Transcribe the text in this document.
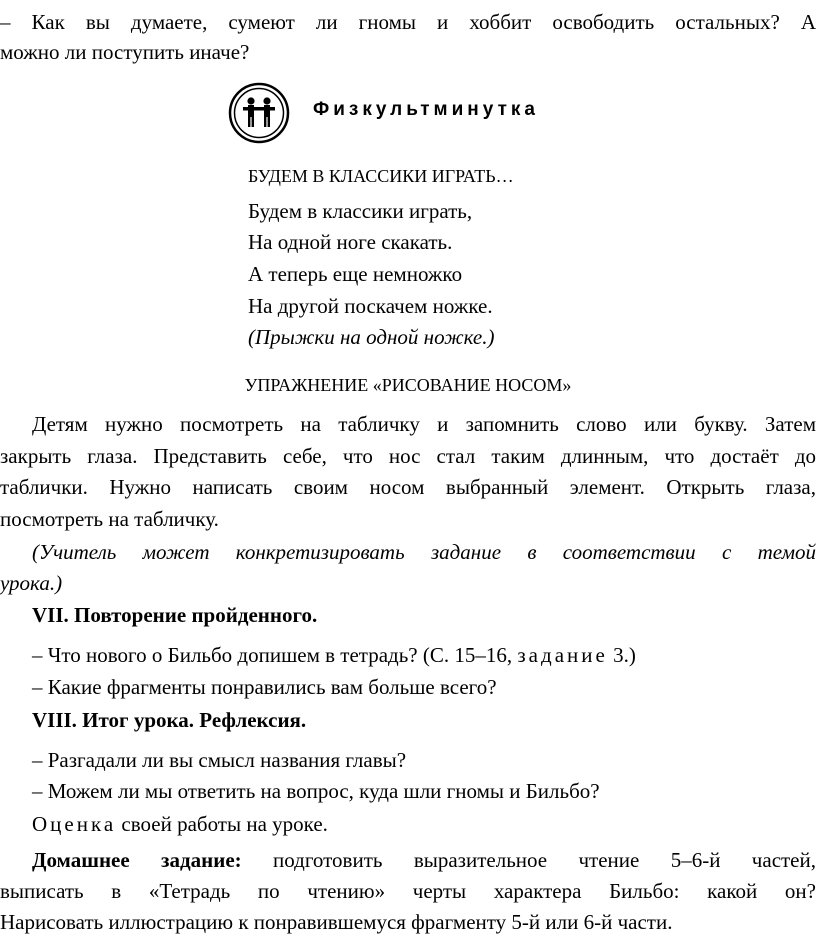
– Как вы думаете, сумеют ли гномы и хоббит освободить остальных? А
можно ли поступить иначе?
Физкультминутка
БУДЕМ В КЛАССИКИ ИГРАТЬ…
Будем в классики играть,
На одной ноге скакать.
А теперь еще немножко
На другой поскачем ножке.
(Прыжки на одной ножке.)
УПРАЖНЕНИЕ «РИСОВАНИЕ НОСОМ»
Детям нужно посмотреть на табличку и запомнить слово или букву. Затем
закрыть глаза. Представить себе, что нос стал таким длинным, что достаёт до
таблички. Нужно написать своим носом выбранный элемент. Открыть глаза,
посмотреть на табличку.
(Учитель может конкретизировать задание в соответствии с темой
урока.)
VII. Повторение пройденного.
– Что нового о Бильбо допишем в тетрадь? (С. 15–16, задание 3.)
– Какие фрагменты понравились вам больше всего?
VIII. Итог урока. Рефлексия.
– Разгадали ли вы смысл названия главы?
– Можем ли мы ответить на вопрос, куда шли гномы и Бильбо?
Оценка своей работы на уроке.
Домашнее задание: подготовить выразительное чтение 5–6-й частей,
выписать в «Тетрадь по чтению» черты характера Бильбо: какой он?
Нарисовать иллюстрацию к понравившемуся фрагменту 5-й или 6-й части.
